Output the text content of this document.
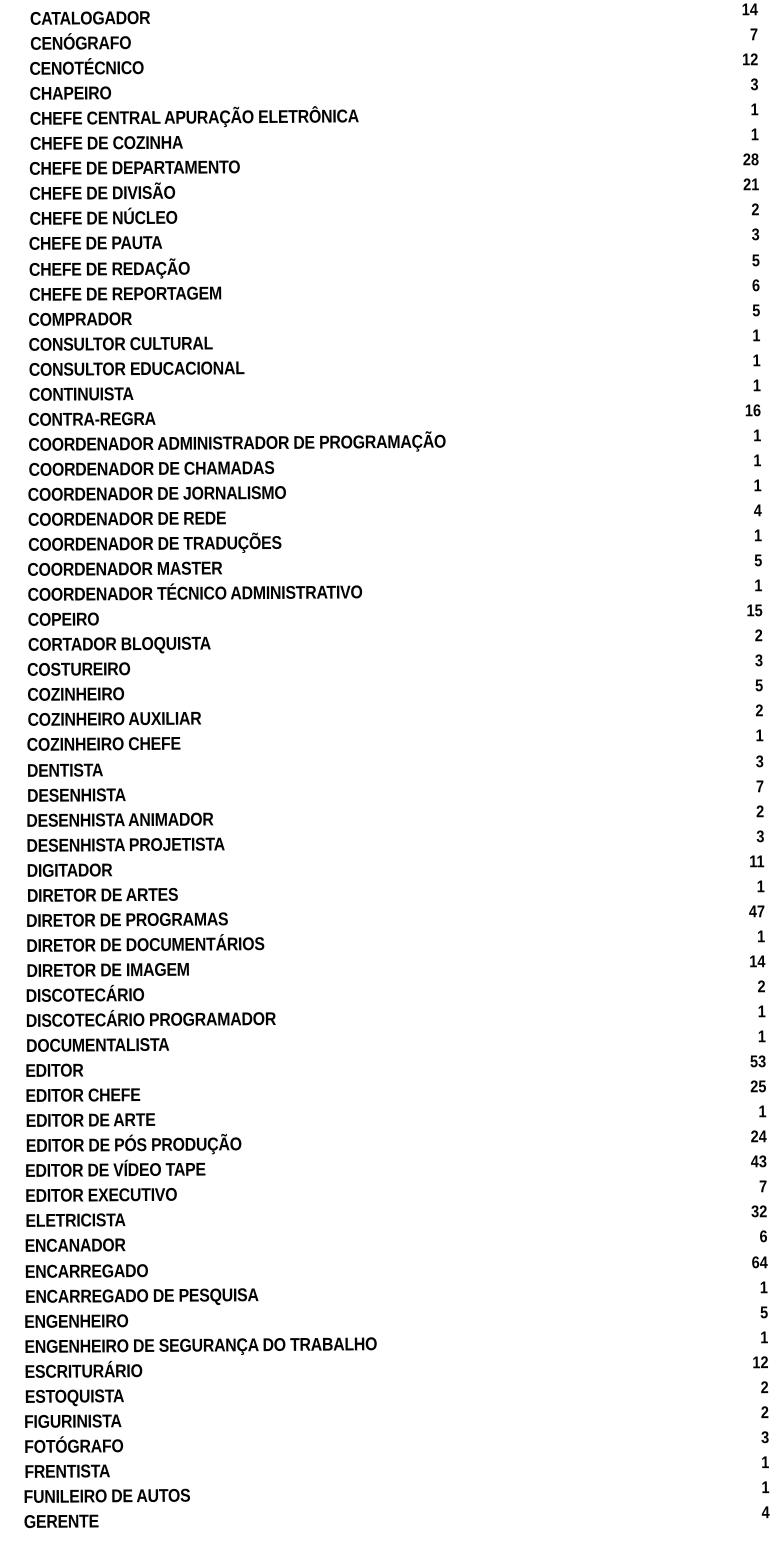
CATALOGADOR	14
CENÓGRAFO	7
CENOTÉCNICO	12
CHAPEIRO	3
CHEFE CENTRAL APURAÇÃO ELETRÔNICA	1
CHEFE DE COZINHA	1
CHEFE DE DEPARTAMENTO	28
CHEFE DE DIVISÃO	21
CHEFE DE NÚCLEO	2
CHEFE DE PAUTA	3
CHEFE DE REDAÇÃO	5
CHEFE DE REPORTAGEM	6
COMPRADOR	5
CONSULTOR CULTURAL	1
CONSULTOR EDUCACIONAL	1
CONTINUISTA	1
CONTRA-REGRA	16
COORDENADOR ADMINISTRADOR DE PROGRAMAÇÃO	1
COORDENADOR DE CHAMADAS	1
COORDENADOR DE JORNALISMO	1
COORDENADOR DE REDE	4
COORDENADOR DE TRADUÇÕES	1
COORDENADOR MASTER	5
COORDENADOR TÉCNICO ADMINISTRATIVO	1
COPEIRO	15
CORTADOR BLOQUISTA	2
COSTUREIRO	3
COZINHEIRO	5
COZINHEIRO AUXILIAR	2
COZINHEIRO CHEFE	1
DENTISTA	3
DESENHISTA	7
DESENHISTA ANIMADOR	2
DESENHISTA PROJETISTA	3
DIGITADOR	11
DIRETOR DE ARTES	1
DIRETOR DE PROGRAMAS	47
DIRETOR DE DOCUMENTÁRIOS	1
DIRETOR DE IMAGEM	14
DISCOTECÁRIO	2
DISCOTECÁRIO PROGRAMADOR	1
DOCUMENTALISTA	1
EDITOR	53
EDITOR CHEFE	25
EDITOR DE ARTE	1
EDITOR DE PÓS PRODUÇÃO	24
EDITOR DE VÍDEO TAPE	43
EDITOR EXECUTIVO	7
ELETRICISTA	32
ENCANADOR	6
ENCARREGADO	64
ENCARREGADO DE PESQUISA	1
ENGENHEIRO	5
ENGENHEIRO DE SEGURANÇA DO TRABALHO	1
ESCRITURÁRIO	12
ESTOQUISTA	2
FIGURINISTA	2
FOTÓGRAFO	3
FRENTISTA	1
FUNILEIRO DE AUTOS	1
GERENTE	4
